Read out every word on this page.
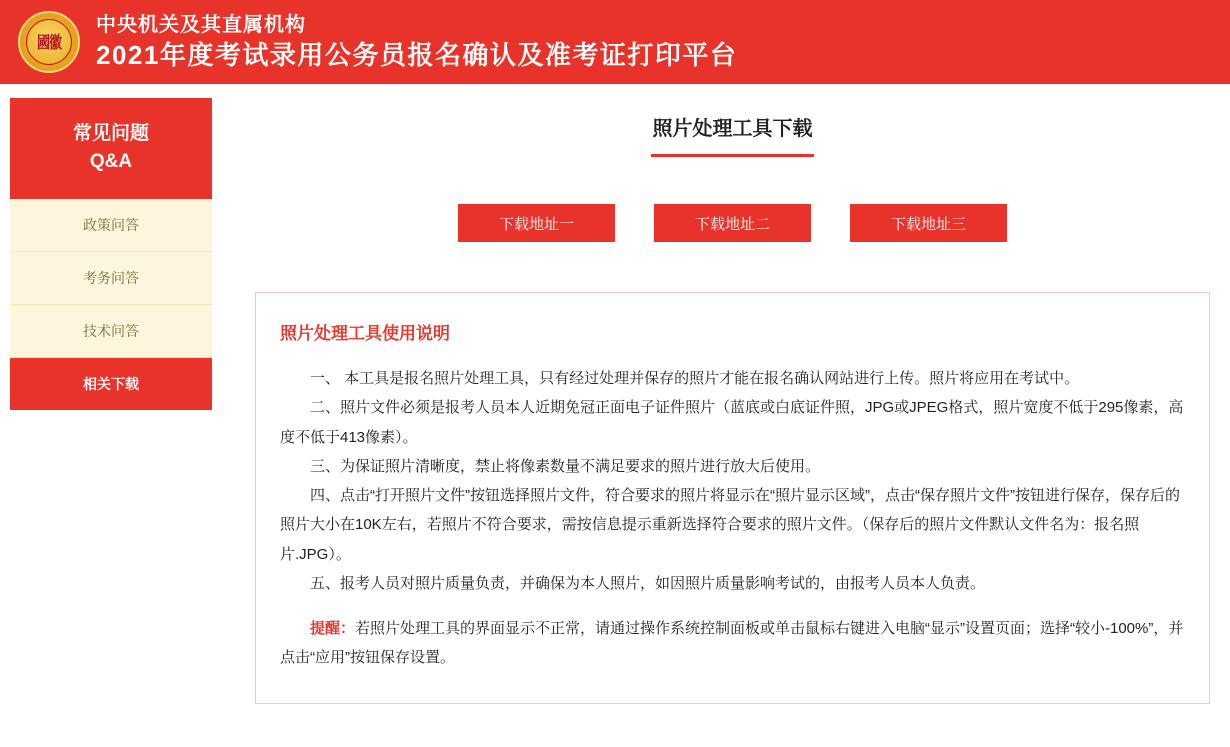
國徽
中央机关及其直属机构
2021年度考试录用公务员报名确认及准考证打印平台
常见问题
Q&A
政策问答
考务问答
技术问答
相关下载
照片处理工具下载
下载地址一	下载地址二	下载地址三
照片处理工具使用说明

一、 本工具是报名照片处理工具，只有经过处理并保存的照片才能在报名确认网站进行上传。照片将应用在考试中。

二、照片文件必须是报考人员本人近期免冠正面电子证件照片（蓝底或白底证件照，JPG或JPEG格式，照片宽度不低于295像素，高度不低于413像素）。

三、为保证照片清晰度，禁止将像素数量不满足要求的照片进行放大后使用。

四、点击“打开照片文件”按钮选择照片文件，符合要求的照片将显示在“照片显示区域”，点击“保存照片文件”按钮进行保存，保存后的照片大小在10K左右，若照片不符合要求，需按信息提示重新选择符合要求的照片文件。（保存后的照片文件默认文件名为：报名照片.JPG）。

五、报考人员对照片质量负责，并确保为本人照片，如因照片质量影响考试的，由报考人员本人负责。

提醒：若照片处理工具的界面显示不正常，请通过操作系统控制面板或单击鼠标右键进入电脑“显示”设置页面；选择“较小-100%”，并点击“应用”按钮保存设置。
